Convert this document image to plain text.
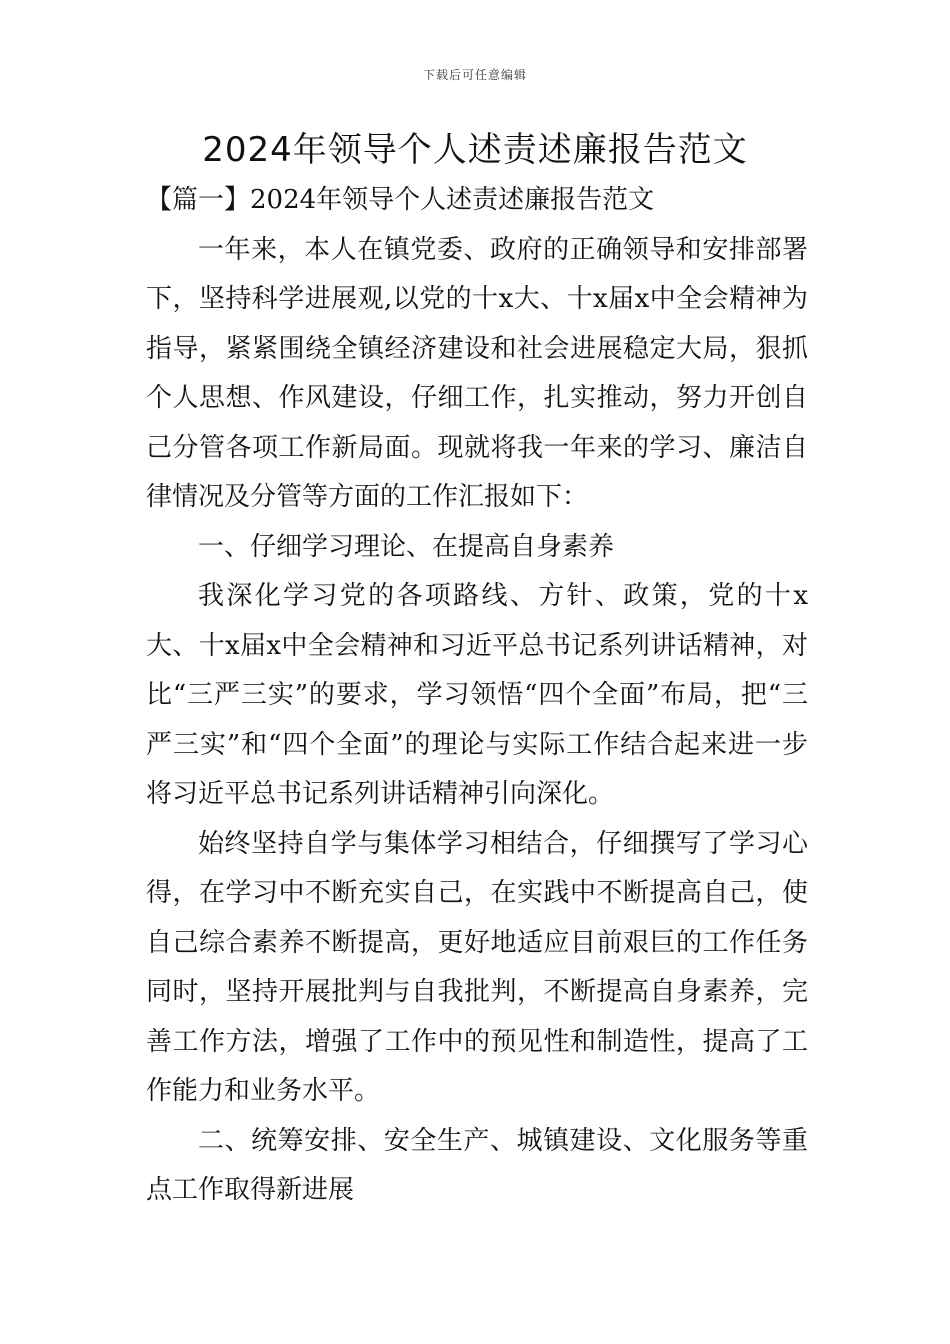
下载后可任意编辑
2024年领导个人述责述廉报告范文

【篇一】2024年领导个人述责述廉报告范文

一年来，本人在镇党委、政府的正确领导和安排部署下，坚持科学进展观,以党的十x大、十x届x中全会精神为指导，紧紧围绕全镇经济建设和社会进展稳定大局，狠抓个人思想、作风建设，仔细工作，扎实推动，努力开创自己分管各项工作新局面。现就将我一年来的学习、廉洁自律情况及分管等方面的工作汇报如下：

一、仔细学习理论、在提高自身素养

我深化学习党的各项路线、方针、政策，党的十x大、十x届x中全会精神和习近平总书记系列讲话精神，对比“三严三实”的要求，学习领悟“四个全面”布局，把“三严三实”和“四个全面”的理论与实际工作结合起来进一步将习近平总书记系列讲话精神引向深化。

始终坚持自学与集体学习相结合，仔细撰写了学习心得，在学习中不断充实自己，在实践中不断提高自己，使自己综合素养不断提高，更好地适应目前艰巨的工作任务同时，坚持开展批判与自我批判，不断提高自身素养，完善工作方法，增强了工作中的预见性和制造性，提高了工作能力和业务水平。

二、统筹安排、安全生产、城镇建设、文化服务等重点工作取得新进展
